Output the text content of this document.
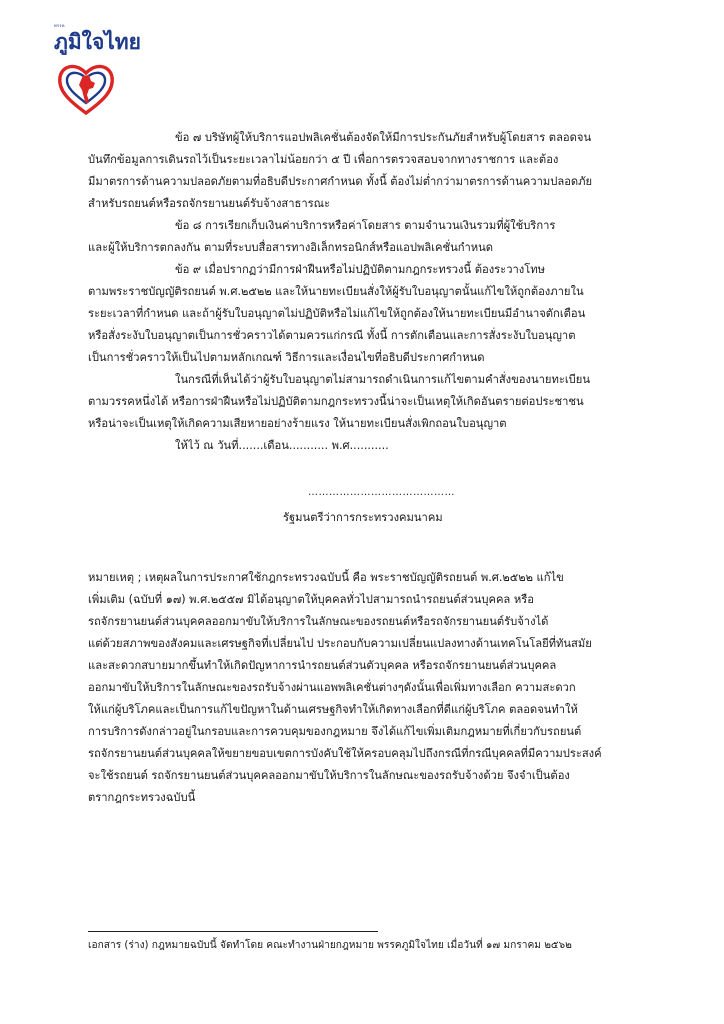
พรรค
ภูมิใจไทย
ข้อ ๗ บริษัทผู้ให้บริการแอปพลิเคชั่นต้องจัดให้มีการประกันภัยสำหรับผู้โดยสาร ตลอดจน
บันทึกข้อมูลการเดินรถไว้เป็นระยะเวลาไม่น้อยกว่า ๕ ปี เพื่อการตรวจสอบจากทางราชการ และต้อง
มีมาตรการด้านความปลอดภัยตามที่อธิบดีประกาศกำหนด ทั้งนี้ ต้องไม่ต่ำกว่ามาตรการด้านความปลอดภัย
สำหรับรถยนต์หรือรถจักรยานยนต์รับจ้างสาธารณะ
ข้อ ๘ การเรียกเก็บเงินค่าบริการหรือค่าโดยสาร ตามจำนวนเงินรวมที่ผู้ใช้บริการ
และผู้ให้บริการตกลงกัน ตามที่ระบบสื่อสารทางอิเล็กทรอนิกส์หรือแอปพลิเคชั่นกำหนด
ข้อ ๙ เมื่อปรากฏว่ามีการฝ่าฝืนหรือไม่ปฏิบัติตามกฎกระทรวงนี้ ต้องระวางโทษ
ตามพระราชบัญญัติรถยนต์ พ.ศ.๒๕๒๒ และให้นายทะเบียนสั่งให้ผู้รับใบอนุญาตนั้นแก้ไขให้ถูกต้องภายใน
ระยะเวลาที่กำหนด และถ้าผู้รับใบอนุญาตไม่ปฏิบัติหรือไม่แก้ไขให้ถูกต้องให้นายทะเบียนมีอำนาจตักเตือน
หรือสั่งระงับใบอนุญาตเป็นการชั่วคราวได้ตามควรแก่กรณี ทั้งนี้ การตักเตือนและการสั่งระงับใบอนุญาต
เป็นการชั่วคราวให้เป็นไปตามหลักเกณฑ์ วิธีการและเงื่อนไขที่อธิบดีประกาศกำหนด
ในกรณีที่เห็นได้ว่าผู้รับใบอนุญาตไม่สามารถดำเนินการแก้ไขตามคำสั่งของนายทะเบียน
ตามวรรคหนึ่งได้ หรือการฝ่าฝืนหรือไม่ปฏิบัติตามกฎกระทรวงนี้น่าจะเป็นเหตุให้เกิดอันตรายต่อประชาชน
หรือน่าจะเป็นเหตุให้เกิดความเสียหายอย่างร้ายแรง ให้นายทะเบียนสั่งเพิกถอนใบอนุญาต
ให้ไว้ ณ วันที่.......เดือน........... พ.ศ...........
……………………………………
รัฐมนตรีว่าการกระทรวงคมนาคม
หมายเหตุ ; เหตุผลในการประกาศใช้กฎกระทรวงฉบับนี้ คือ พระราชบัญญัติรถยนต์ พ.ศ.๒๕๒๒ แก้ไข
เพิ่มเติม (ฉบับที่ ๑๗) พ.ศ.๒๕๕๗ มิได้อนุญาตให้บุคคลทั่วไปสามารถนำรถยนต์ส่วนบุคคล หรือ
รถจักรยานยนต์ส่วนบุคคลออกมาขับให้บริการในลักษณะของรถยนต์หรือรถจักรยานยนต์รับจ้างได้
แต่ด้วยสภาพของสังคมและเศรษฐกิจที่เปลี่ยนไป ประกอบกับความเปลี่ยนแปลงทางด้านเทคโนโลยีที่ทันสมัย
และสะดวกสบายมากขึ้นทำให้เกิดปัญหาการนำรถยนต์ส่วนตัวบุคคล หรือรถจักรยานยนต์ส่วนบุคคล
ออกมาขับให้บริการในลักษณะของรถรับจ้างผ่านแอพพลิเคชั่นต่างๆดังนั้นเพื่อเพิ่มทางเลือก ความสะดวก
ให้แก่ผู้บริโภคและเป็นการแก้ไขปัญหาในด้านเศรษฐกิจทำให้เกิดทางเลือกที่ดีแก่ผู้บริโภค ตลอดจนทำให้
การบริการดังกล่าวอยู่ในกรอบและการควบคุมของกฎหมาย จึงได้แก้ไขเพิ่มเติมกฎหมายที่เกี่ยวกับรถยนต์
รถจักรยานยนต์ส่วนบุคคลให้ขยายขอบเขตการบังคับใช้ให้ครอบคลุมไปถึงกรณีที่กรณีบุคคลที่มีความประสงค์
จะใช้รถยนต์ รถจักรยานยนต์ส่วนบุคคลออกมาขับให้บริการในลักษณะของรถรับจ้างด้วย จึงจำเป็นต้อง
ตรากฎกระทรวงฉบับนี้
เอกสาร (ร่าง) กฎหมายฉบับนี้ จัดทำโดย คณะทำงานฝ่ายกฎหมาย พรรคภูมิใจไทย เมื่อวันที่ ๑๗ มกราคม ๒๕๖๒
